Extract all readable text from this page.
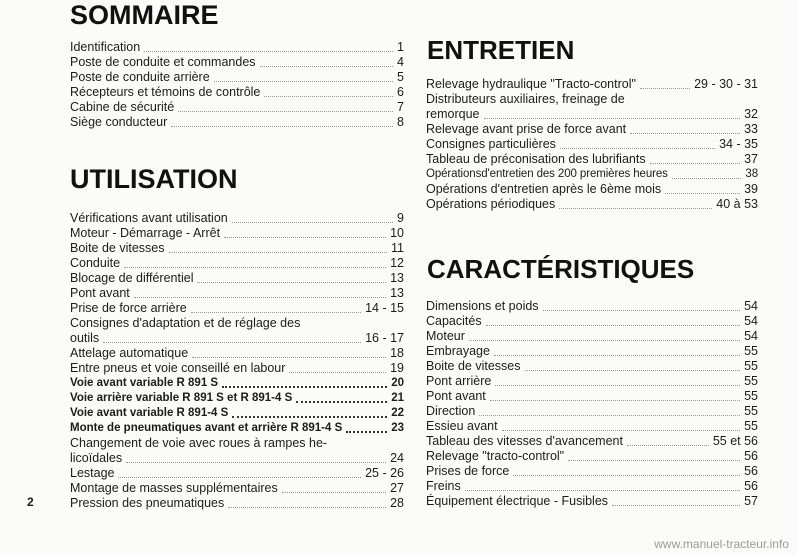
SOMMAIRE
Identification	1
Poste de conduite et commandes	4
Poste de conduite arrière	5
Récepteurs et témoins de contrôle	6
Cabine de sécurité	7
Siège conducteur	8
UTILISATION
Vérifications avant utilisation	9
Moteur - Démarrage - Arrêt	10
Boite de vitesses	11
Conduite	12
Blocage de différentiel	13
Pont avant	13
Prise de force arrière	14 - 15
Consignes d'adaptation et de réglage des
outils	16 - 17
Attelage automatique	18
Entre pneus et voie conseillé en labour	19
Voie avant variable R 891 S	20
Voie arrière variable R 891 S et R 891-4 S	21
Voie avant variable R 891-4 S	22
Monte de pneumatiques avant et arrière R 891-4 S	23
Changement de voie avec roues à rampes he-
licoïdales	24
Lestage	25 - 26
Montage de masses supplémentaires	27
Pression des pneumatiques	28
ENTRETIEN
Relevage hydraulique "Tracto-control"	29 - 30 - 31
Distributeurs auxiliaires, freinage de
remorque	32
Relevage avant prise de force avant	33
Consignes particulières	34 - 35
Tableau de préconisation des lubrifiants	37
Opérationsd'entretien des 200 premières heures	38
Opérations d'entretien après le 6ème mois	39
Opérations périodiques	40 à 53
CARACTÉRISTIQUES
Dimensions et poids	54
Capacités	54
Moteur	54
Embrayage	55
Boite de vitesses	55
Pont arrière	55
Pont avant	55
Direction	55
Essieu avant	55
Tableau des vitesses d'avancement	55 et 56
Relevage "tracto-control"	56
Prises de force	56
Freins	56
Équipement électrique - Fusibles	57

2

www.manuel-tracteur.info
